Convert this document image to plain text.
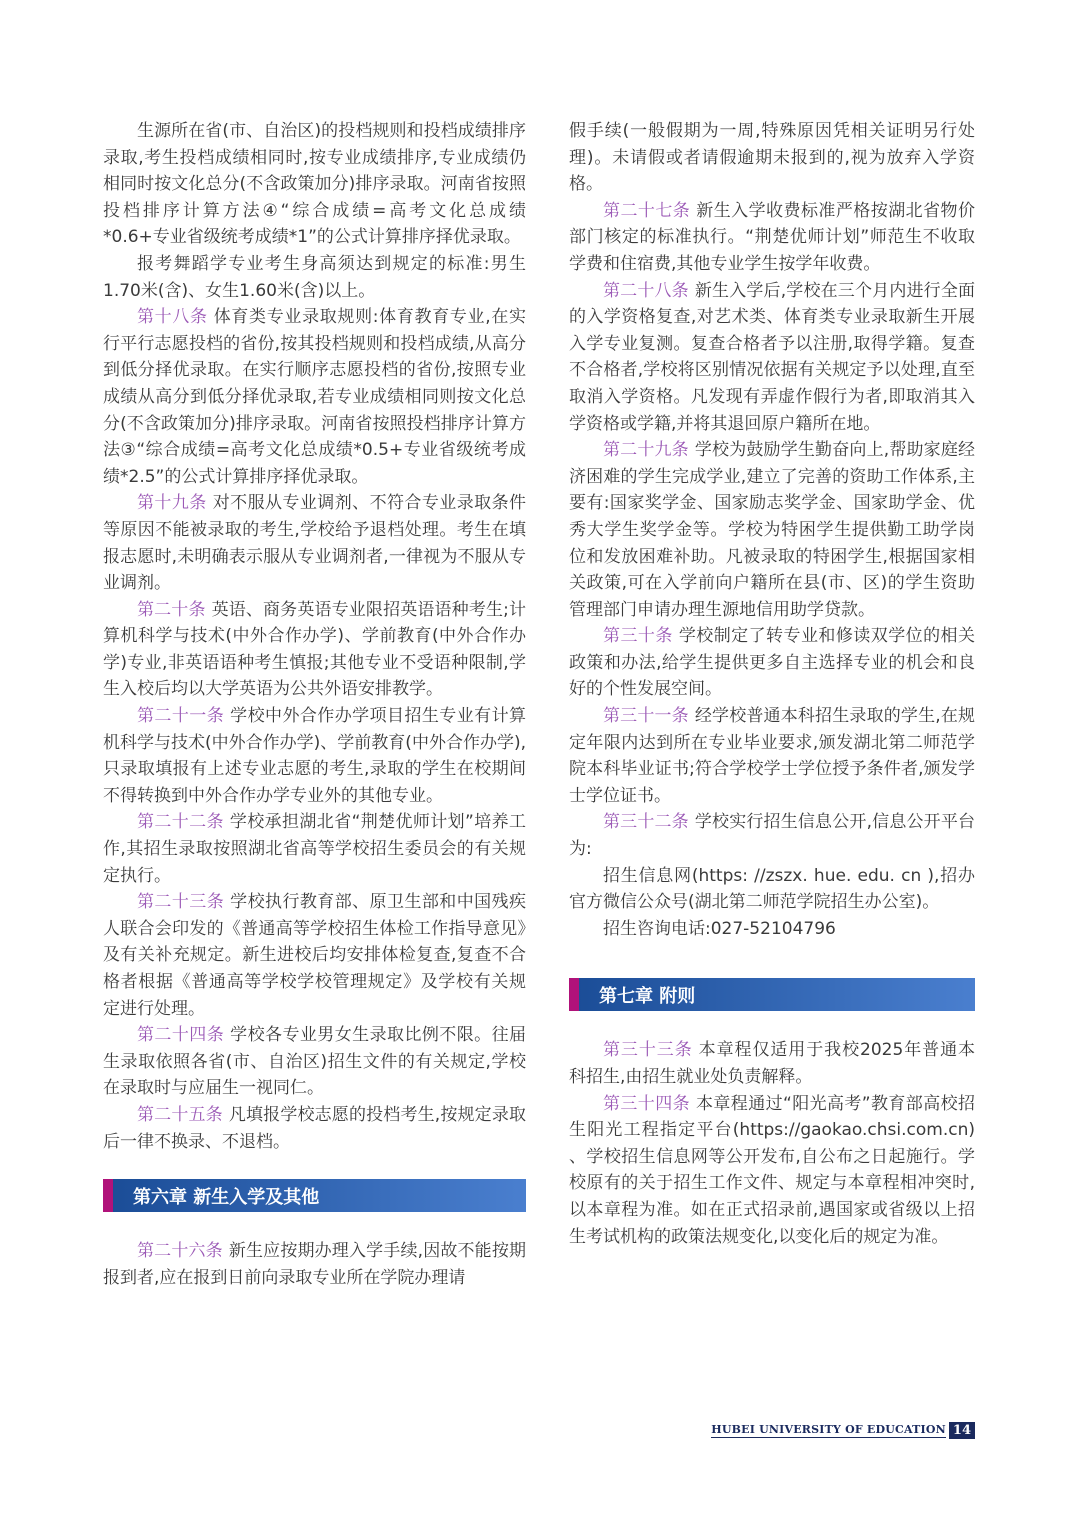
生源所在省(市、自治区)的投档规则和投档成绩排序录取,考生投档成绩相同时,按专业成绩排序,专业成绩仍相同时按文化总分(不含政策加分)排序录取。河南省按照投档排序计算方法④“综合成绩=高考文化总成绩*0.6+专业省级统考成绩*1”的公式计算排序择优录取。

报考舞蹈学专业考生身高须达到规定的标准:男生1.70米(含)、女生1.60米(含)以上。

第十八条 体育类专业录取规则:体育教育专业,在实行平行志愿投档的省份,按其投档规则和投档成绩,从高分到低分择优录取。在实行顺序志愿投档的省份,按照专业成绩从高分到低分择优录取,若专业成绩相同则按文化总分(不含政策加分)排序录取。河南省按照投档排序计算方法③“综合成绩=高考文化总成绩*0.5+专业省级统考成绩*2.5”的公式计算排序择优录取。

第十九条 对不服从专业调剂、不符合专业录取条件等原因不能被录取的考生,学校给予退档处理。考生在填报志愿时,未明确表示服从专业调剂者,一律视为不服从专业调剂。

第二十条 英语、商务英语专业限招英语语种考生;计算机科学与技术(中外合作办学)、学前教育(中外合作办学)专业,非英语语种考生慎报;其他专业不受语种限制,学生入校后均以大学英语为公共外语安排教学。

第二十一条 学校中外合作办学项目招生专业有计算机科学与技术(中外合作办学)、学前教育(中外合作办学),只录取填报有上述专业志愿的考生,录取的学生在校期间不得转换到中外合作办学专业外的其他专业。

第二十二条 学校承担湖北省“荆楚优师计划”培养工作,其招生录取按照湖北省高等学校招生委员会的有关规定执行。

第二十三条 学校执行教育部、原卫生部和中国残疾人联合会印发的《普通高等学校招生体检工作指导意见》及有关补充规定。新生进校后均安排体检复查,复查不合格者根据《普通高等学校学校管理规定》及学校有关规定进行处理。

第二十四条 学校各专业男女生录取比例不限。往届生录取依照各省(市、自治区)招生文件的有关规定,学校在录取时与应届生一视同仁。

第二十五条 凡填报学校志愿的投档考生,按规定录取后一律不换录、不退档。

第六章 新生入学及其他

第二十六条 新生应按期办理入学手续,因故不能按期报到者,应在报到日前向录取专业所在学院办理请

假手续(一般假期为一周,特殊原因凭相关证明另行处理)。未请假或者请假逾期未报到的,视为放弃入学资格。

第二十七条 新生入学收费标准严格按湖北省物价部门核定的标准执行。“荆楚优师计划”师范生不收取学费和住宿费,其他专业学生按学年收费。

第二十八条 新生入学后,学校在三个月内进行全面的入学资格复查,对艺术类、体育类专业录取新生开展入学专业复测。复查合格者予以注册,取得学籍。复查不合格者,学校将区别情况依据有关规定予以处理,直至取消入学资格。凡发现有弄虚作假行为者,即取消其入学资格或学籍,并将其退回原户籍所在地。

第二十九条 学校为鼓励学生勤奋向上,帮助家庭经济困难的学生完成学业,建立了完善的资助工作体系,主要有:国家奖学金、国家励志奖学金、国家助学金、优秀大学生奖学金等。学校为特困学生提供勤工助学岗位和发放困难补助。凡被录取的特困学生,根据国家相关政策,可在入学前向户籍所在县(市、区)的学生资助管理部门申请办理生源地信用助学贷款。

第三十条 学校制定了转专业和修读双学位的相关政策和办法,给学生提供更多自主选择专业的机会和良好的个性发展空间。

第三十一条 经学校普通本科招生录取的学生,在规定年限内达到所在专业毕业要求,颁发湖北第二师范学院本科毕业证书;符合学校学士学位授予条件者,颁发学士学位证书。

第三十二条 学校实行招生信息公开,信息公开平台为:

招生信息网(https: //zszx. hue. edu. cn ),招办官方微信公众号(湖北第二师范学院招生办公室)。

招生咨询电话:027-52104796

第七章 附则

第三十三条 本章程仅适用于我校2025年普通本科招生,由招生就业处负责解释。

第三十四条 本章程通过“阳光高考”教育部高校招生阳光工程指定平台(https://gaokao.chsi.com.cn) 、学校招生信息网等公开发布,自公布之日起施行。学校原有的关于招生工作文件、规定与本章程相冲突时,以本章程为准。如在正式招录前,遇国家或省级以上招生考试机构的政策法规变化,以变化后的规定为准。

HUBEI UNIVERSITY OF EDUCATION 14
